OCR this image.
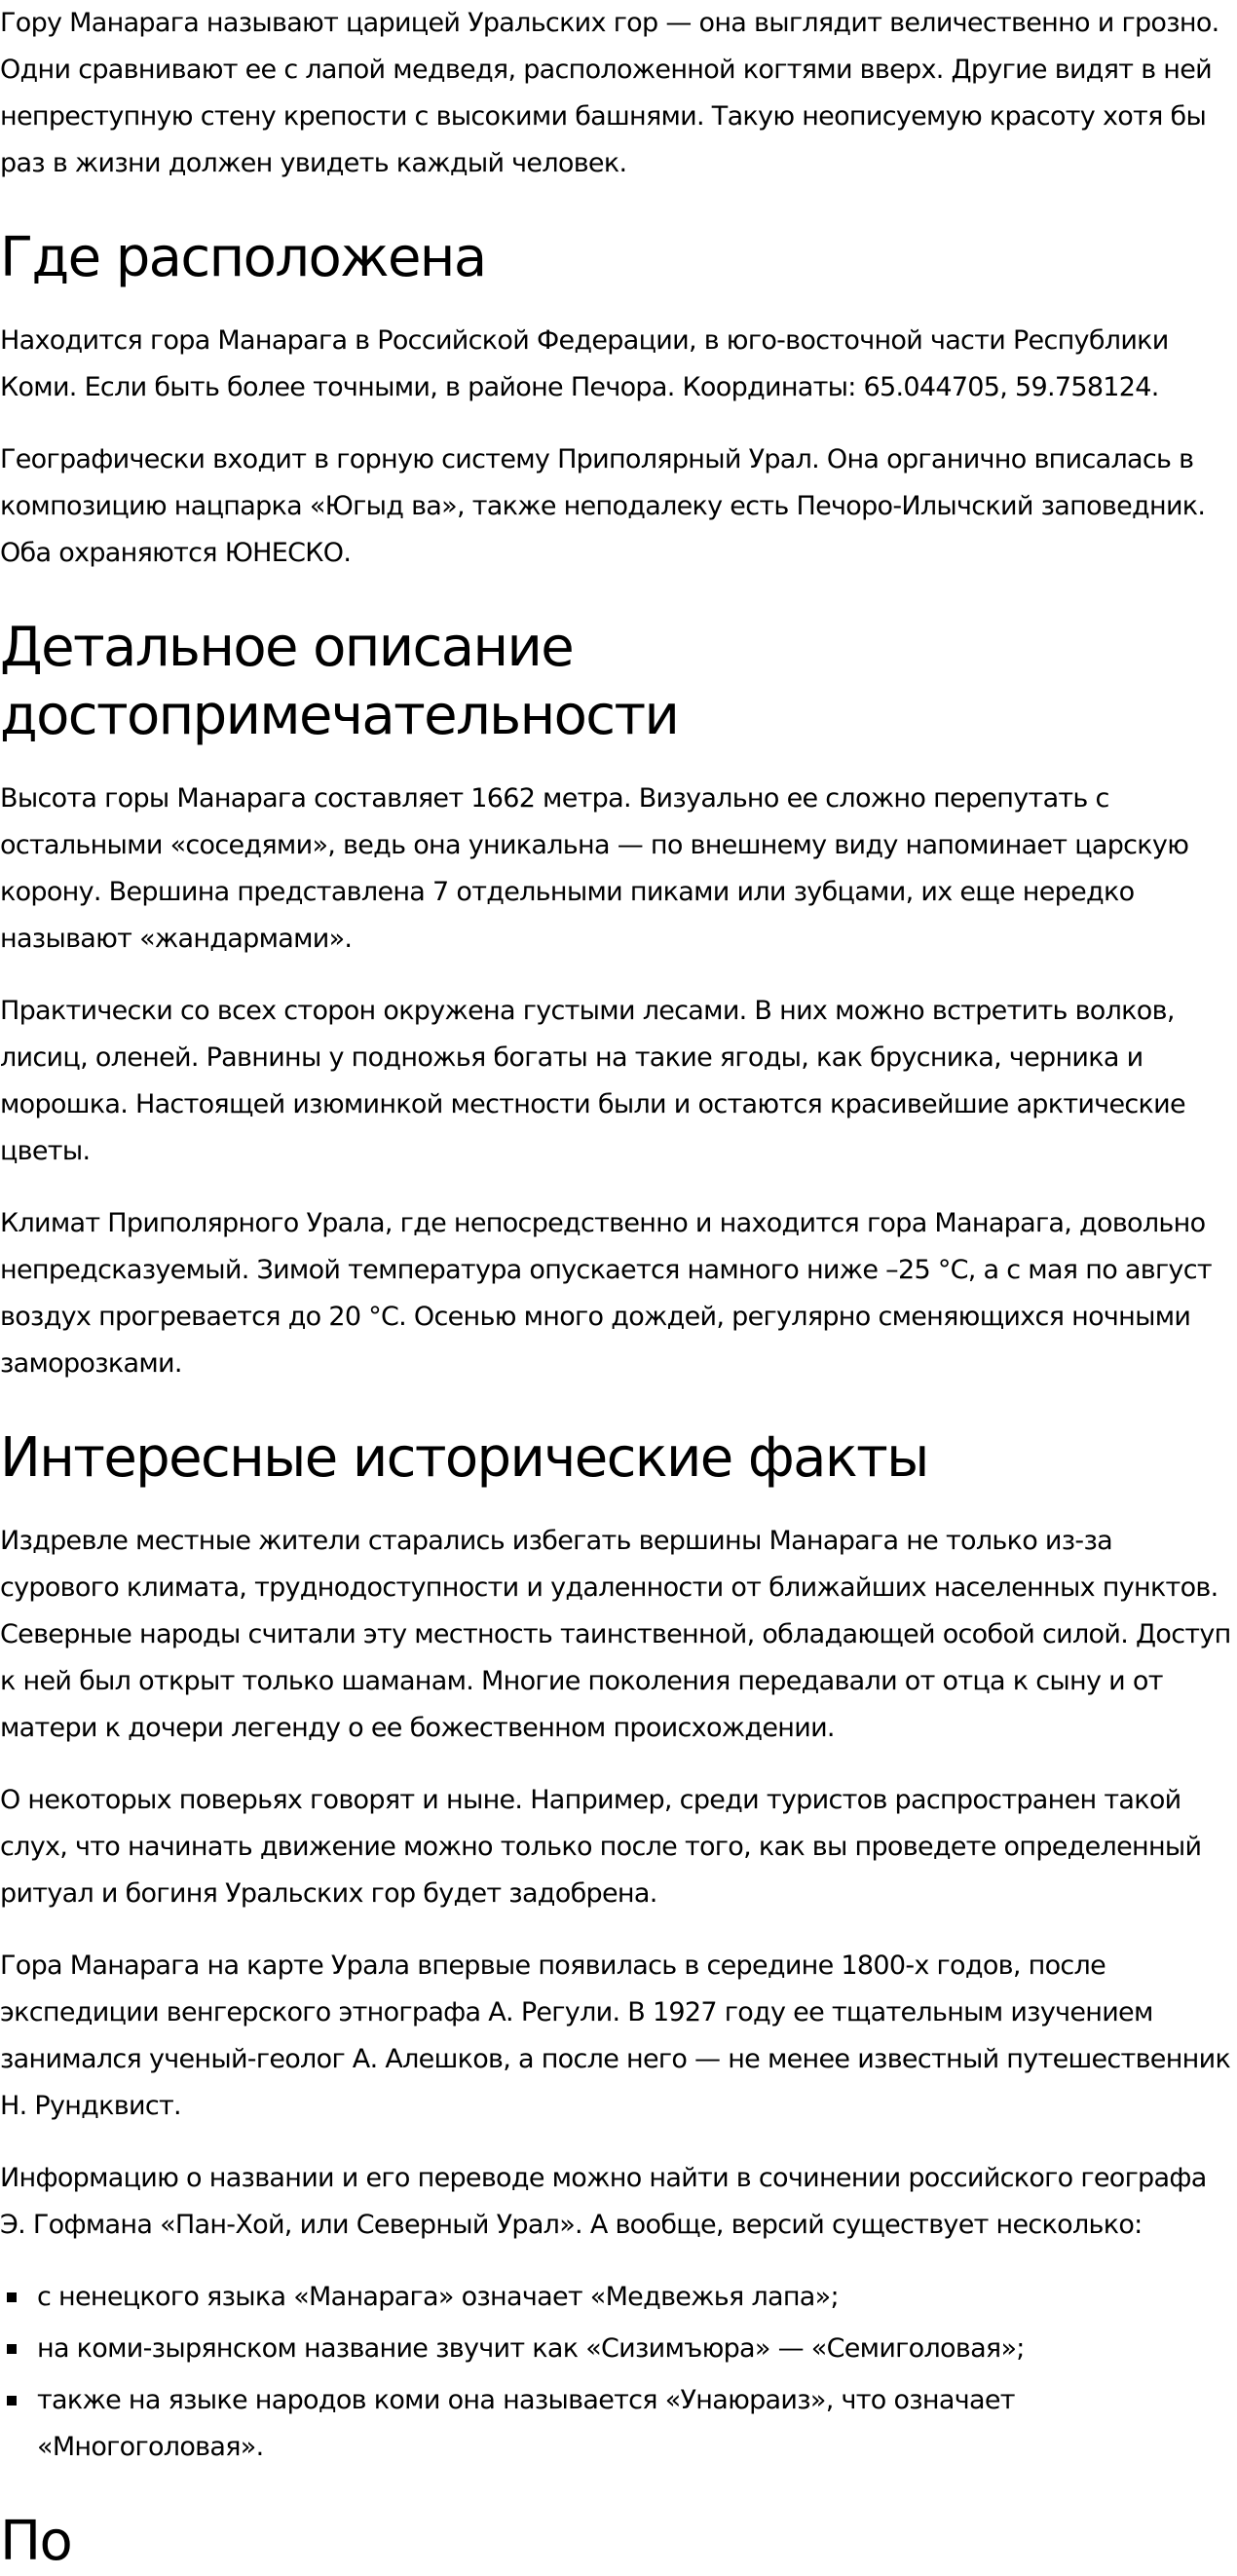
Гору Манарага называют царицей Уральских гор — она выглядит величественно и грозно. Одни сравнивают ее с лапой медведя, расположенной когтями вверх. Другие видят в ней непреступную стену крепости с высокими башнями. Такую неописуемую красоту хотя бы раз в жизни должен увидеть каждый человек.

Где расположена

Находится гора Манарага в Российской Федерации, в юго-восточной части Республики Коми. Если быть более точными, в районе Печора. Координаты: 65.044705, 59.758124.

Географически входит в горную систему Приполярный Урал. Она органично вписалась в композицию нацпарка «Югыд ва», также неподалеку есть Печоро-Илычский заповедник. Оба охраняются ЮНЕСКО.

Детальное описание достопримечательности

Высота горы Манарага составляет 1662 метра. Визуально ее сложно перепутать с остальными «соседями», ведь она уникальна — по внешнему виду напоминает царскую корону. Вершина представлена 7 отдельными пиками или зубцами, их еще нередко называют «жандармами».

Практически со всех сторон окружена густыми лесами. В них можно встретить волков, лисиц, оленей. Равнины у подножья богаты на такие ягоды, как брусника, черника и морошка. Настоящей изюминкой местности были и остаются красивейшие арктические цветы.

Климат Приполярного Урала, где непосредственно и находится гора Манарага, довольно непредсказуемый. Зимой температура опускается намного ниже –25 °C, а с мая по август воздух прогревается до 20 °C. Осенью много дождей, регулярно сменяющихся ночными заморозками.

Интересные исторические факты

Издревле местные жители старались избегать вершины Манарага не только из-за сурового климата, труднодоступности и удаленности от ближайших населенных пунктов. Северные народы считали эту местность таинственной, обладающей особой силой. Доступ к ней был открыт только шаманам. Многие поколения передавали от отца к сыну и от матери к дочери легенду о ее божественном происхождении.

О некоторых поверьях говорят и ныне. Например, среди туристов распространен такой слух, что начинать движение можно только после того, как вы проведете определенный ритуал и богиня Уральских гор будет задобрена.

Гора Манарага на карте Урала впервые появилась в середине 1800-х годов, после экспедиции венгерского этнографа А. Регули. В 1927 году ее тщательным изучением занимался ученый-геолог А. Алешков, а после него — не менее известный путешественник Н. Рундквист.

Информацию о названии и его переводе можно найти в сочинении российского географа Э. Гофмана «Пан-Хой, или Северный Урал». А вообще, версий существует несколько:

с ненецкого языка «Манарага» означает «Медвежья лапа»;
на коми-зырянском название звучит как «Сизимъюра» — «Семиголовая»;
также на языке народов коми она называется «Унаюраиз», что означает «Многоголовая».
По
